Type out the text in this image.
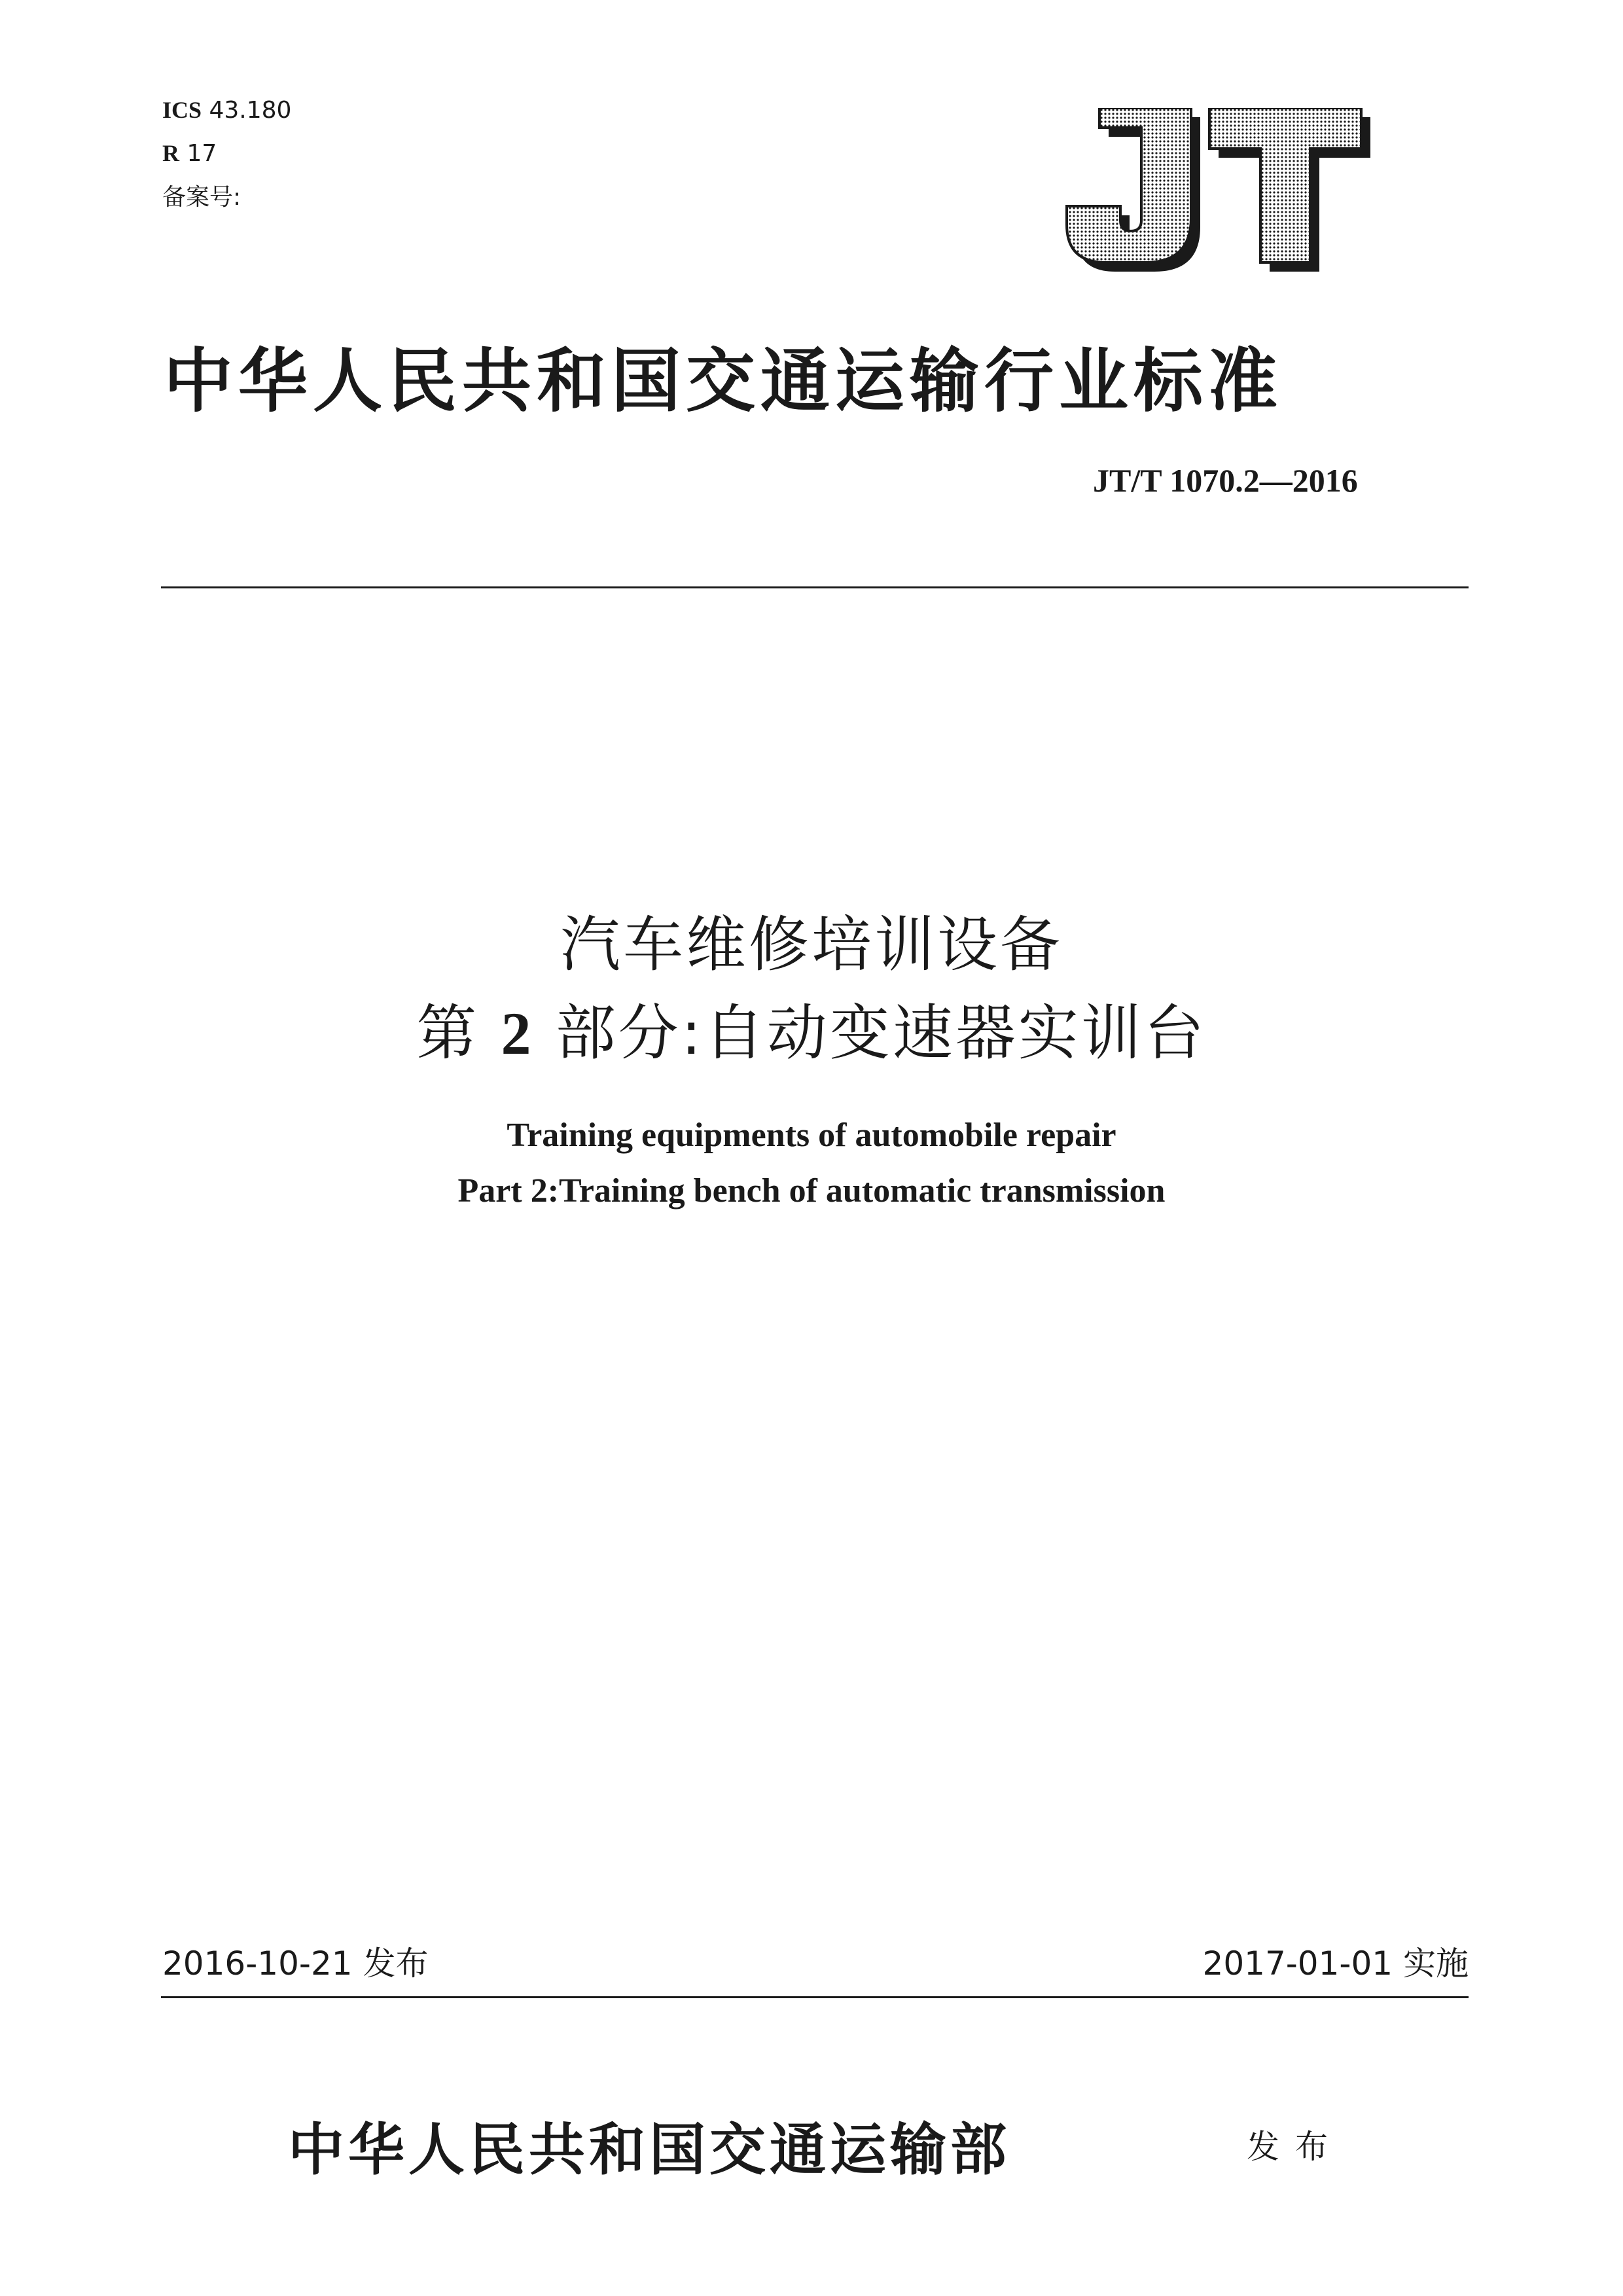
ICS 43.180
R 17
备案号:
中华人民共和国交通运输行业标准
JT/T 1070.2—2016
汽车维修培训设备
第 2 部分:自动变速器实训台
Training equipments of automobile repair
Part 2:Training bench of automatic transmission
2016-10-21 发布	2017-01-01 实施
中华人民共和国交通运输部	发布
